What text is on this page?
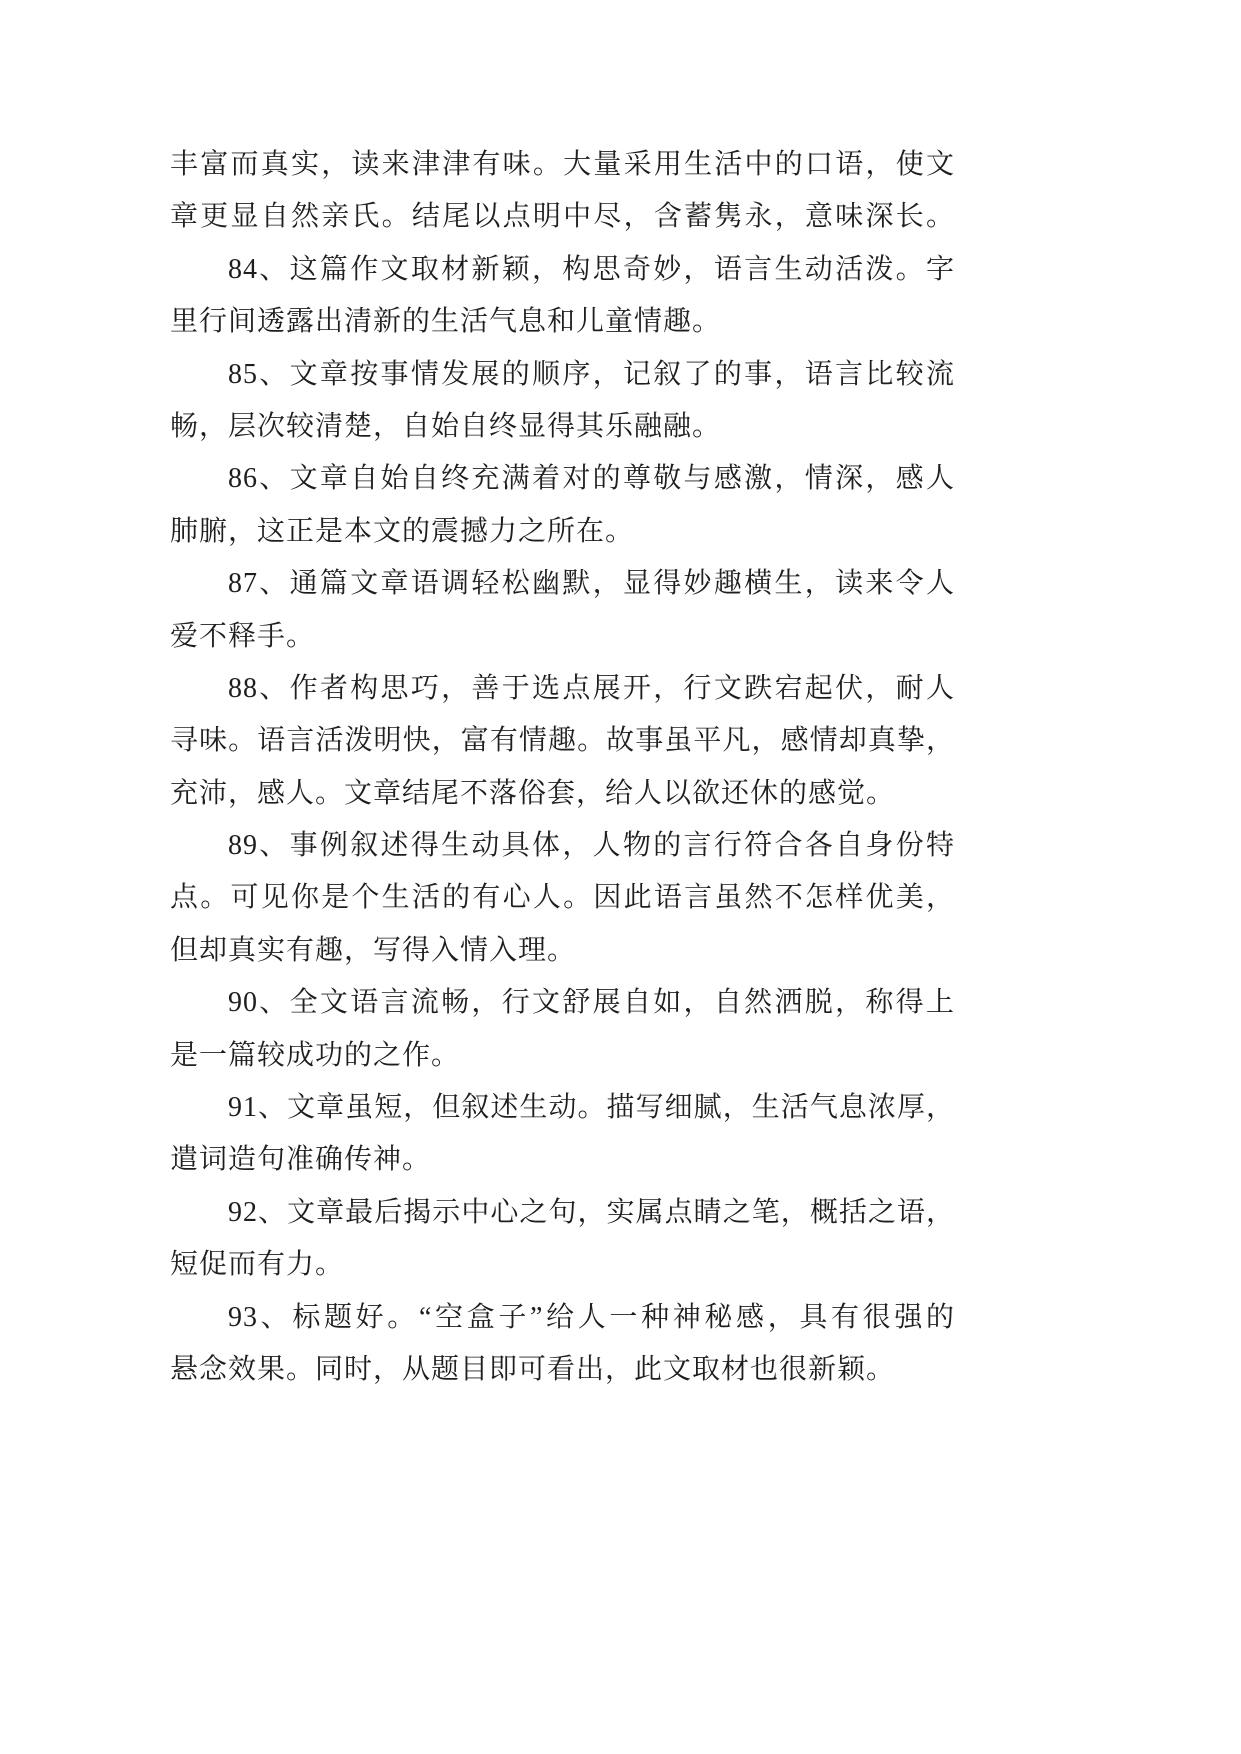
丰富而真实，读来津津有味。大量采用生活中的口语，使文
章更显自然亲氏。结尾以点明中尽，含蓄隽永，意味深长。
84、这篇作文取材新颖，构思奇妙，语言生动活泼。字
里行间透露出清新的生活气息和儿童情趣。
85、文章按事情发展的顺序，记叙了的事，语言比较流
畅，层次较清楚，自始自终显得其乐融融。
86、文章自始自终充满着对的尊敬与感激，情深，感人
肺腑，这正是本文的震撼力之所在。
87、通篇文章语调轻松幽默，显得妙趣横生，读来令人
爱不释手。
88、作者构思巧，善于选点展开，行文跌宕起伏，耐人
寻味。语言活泼明快，富有情趣。故事虽平凡，感情却真挚，
充沛，感人。文章结尾不落俗套，给人以欲还休的感觉。
89、事例叙述得生动具体，人物的言行符合各自身份特
点。可见你是个生活的有心人。因此语言虽然不怎样优美，
但却真实有趣，写得入情入理。
90、全文语言流畅，行文舒展自如，自然洒脱，称得上
是一篇较成功的之作。
91、文章虽短，但叙述生动。描写细腻，生活气息浓厚，
遣词造句准确传神。
92、文章最后揭示中心之句，实属点睛之笔，概括之语，
短促而有力。
93、标题好。“空盒子”给人一种神秘感，具有很强的
悬念效果。同时，从题目即可看出，此文取材也很新颖。
